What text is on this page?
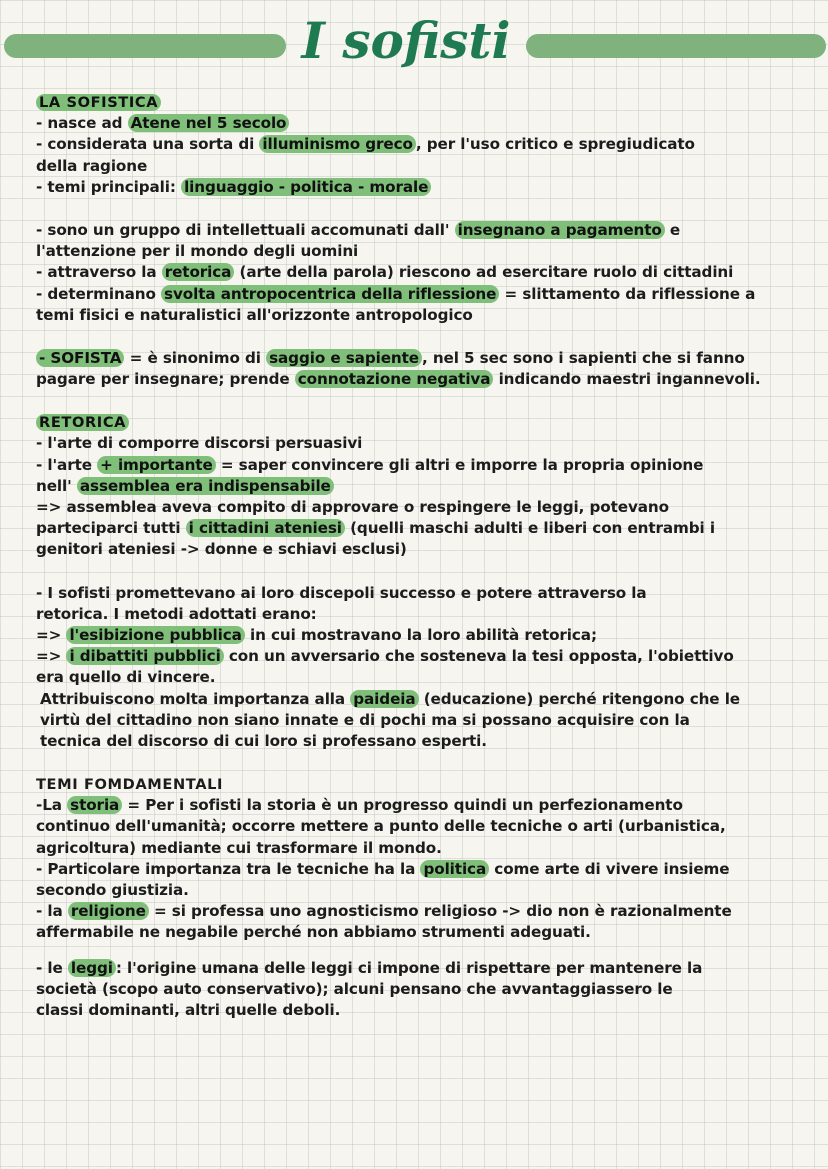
I sofisti
LA SOFISTICA
- nasce ad Atene nel 5 secolo
- considerata una sorta di illuminismo greco , per l'uso critico e spregiudicato
della ragione
- temi principali: linguaggio - politica - morale
- sono un gruppo di intellettuali accomunati dall' insegnano a pagamento e
l'attenzione per il mondo degli uomini
- attraverso la retorica (arte della parola) riescono ad esercitare ruolo di cittadini
- determinano svolta antropocentrica della riflessione = slittamento da riflessione a
temi fisici e naturalistici all'orizzonte antropologico
- SOFISTA = è sinonimo di saggio e sapiente , nel 5 sec sono i sapienti che si fanno
pagare per insegnare; prende connotazione negativa indicando maestri ingannevoli.
RETORICA
- l'arte di comporre discorsi persuasivi
- l'arte + importante = saper convincere gli altri e imporre la propria opinione
nell' assemblea era indispensabile
=> assemblea aveva compito di approvare o respingere le leggi, potevano
parteciparci tutti i cittadini ateniesi (quelli maschi adulti e liberi con entrambi i
genitori ateniesi -> donne e schiavi esclusi)
- I sofisti promettevano ai loro discepoli successo e potere attraverso la
retorica. I metodi adottati erano:
=> l'esibizione pubblica in cui mostravano la loro abilità retorica;
=> i dibattiti pubblici con un avversario che sosteneva la tesi opposta, l'obiettivo
era quello di vincere.
Attribuiscono molta importanza alla paideia (educazione) perché ritengono che le
virtù del cittadino non siano innate e di pochi ma si possano acquisire con la
tecnica del discorso di cui loro si professano esperti.
TEMI FOMDAMENTALI
-La storia = Per i sofisti la storia è un progresso quindi un perfezionamento
continuo dell'umanità; occorre mettere a punto delle tecniche o arti (urbanistica,
agricoltura) mediante cui trasformare il mondo.
- Particolare importanza tra le tecniche ha la politica come arte di vivere insieme
secondo giustizia.
- la religione = si professa uno agnosticismo religioso -> dio non è razionalmente
affermabile ne negabile perché non abbiamo strumenti adeguati.
- le leggi : l'origine umana delle leggi ci impone di rispettare per mantenere la
società (scopo auto conservativo); alcuni pensano che avvantaggiassero le
classi dominanti, altri quelle deboli.
